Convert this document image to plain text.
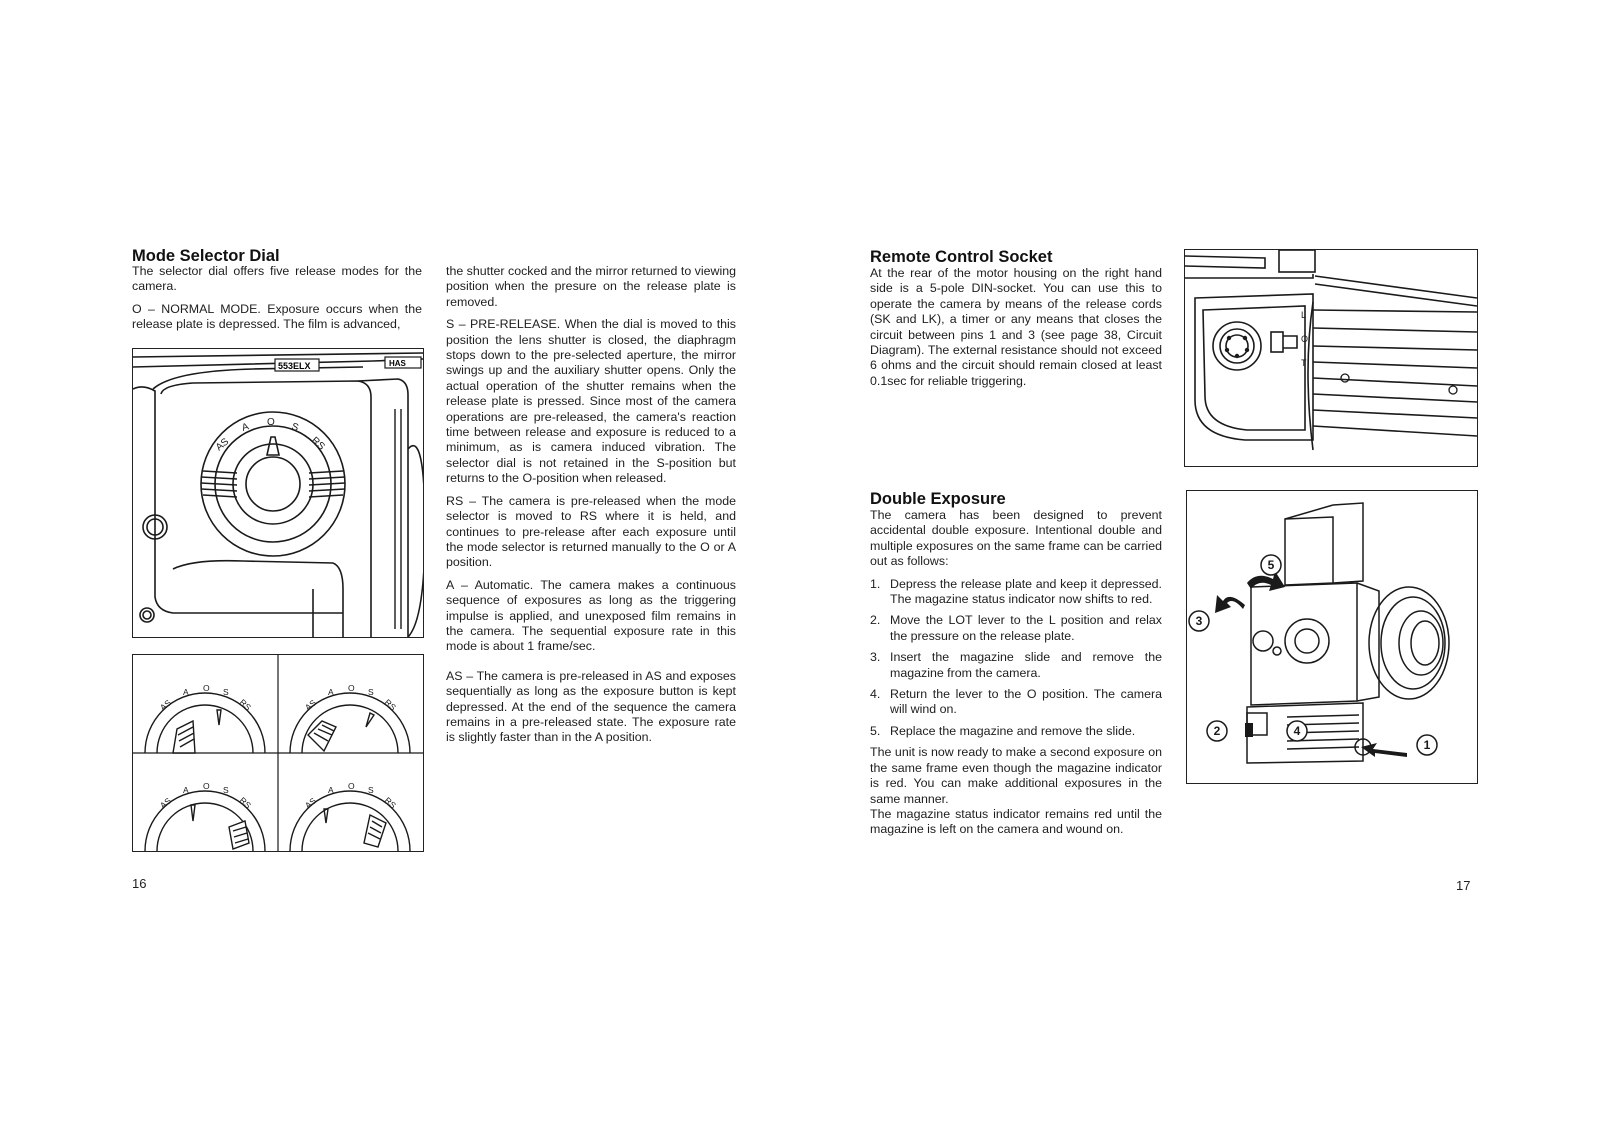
Mode Selector Dial

The selector dial offers five release modes for the camera.

O – NORMAL MODE. Exposure occurs when the release plate is depressed. The film is advanced,

553ELX	HAS
AS
A O S
RS
AS
A O S
RS	AS
A O S
RS
AS
A O S
RS	AS
A O S
RS

the shutter cocked and the mirror returned to viewing position when the presure on the release plate is removed.

S – PRE-RELEASE. When the dial is moved to this position the lens shutter is closed, the diaphragm stops down to the pre-selected aperture, the mirror swings up and the auxiliary shutter opens. Only the actual operation of the shutter remains when the release plate is pressed. Since most of the camera operations are pre-released, the camera's reaction time between release and exposure is reduced to a minimum, as is camera induced vibration. The selector dial is not retained in the S-position but returns to the O-position when released.

RS – The camera is pre-released when the mode selector is moved to RS where it is held, and continues to pre-release after each exposure until the mode selector is returned manually to the O or A position.

A – Automatic. The camera makes a continuous sequence of exposures as long as the triggering impulse is applied, and unexposed film remains in the camera. The sequential exposure rate in this mode is about 1 frame/sec.

AS – The camera is pre-released in AS and exposes sequentially as long as the exposure button is kept depressed. At the end of the sequence the camera remains in a pre-released state. The exposure rate is slightly faster than in the A position.

16
Remote Control Socket

At the rear of the motor housing on the right hand side is a 5-pole DIN-socket. You can use this to operate the camera by means of the release cords (SK and LK), a timer or any means that closes the circuit between pins 1 and 3 (see page 38, Circuit Diagram). The external resistance should not exceed 6 ohms and the circuit should remain closed at least 0.1sec for reliable triggering.

L
O
T
Double Exposure

The camera has been designed to prevent accidental double exposure. Intentional double and multiple exposures on the same frame can be carried out as follows:

1. Depress the release plate and keep it depressed. The magazine status indicator now shifts to red.
2. Move the LOT lever to the L position and relax the pressure on the release plate.
3. Insert the magazine slide and remove the magazine from the camera.
4. Return the lever to the O position. The camera will wind on.
5. Replace the magazine and remove the slide.

The unit is now ready to make a second exposure on the same frame even though the magazine indicator is red. You can make additional exposures in the same manner.

The magazine status indicator remains red until the magazine is left on the camera and wound on.

1
2
3
4
5
17
